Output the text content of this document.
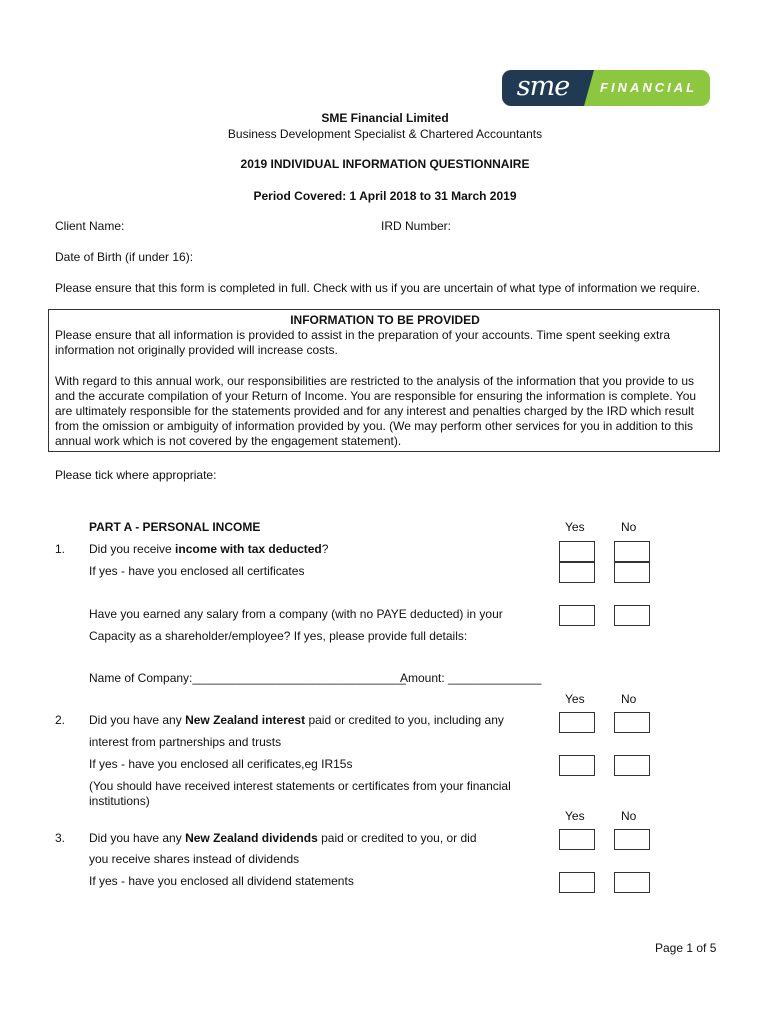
sme	FINANCIAL
SME Financial Limited
Business Development Specialist & Chartered Accountants
2019 INDIVIDUAL INFORMATION QUESTIONNAIRE
Period Covered: 1 April 2018 to 31 March 2019
Client Name:	IRD Number:
Date of Birth (if under 16):
Please ensure that this form is completed in full. Check with us if you are uncertain of what type of information we require.
INFORMATION TO BE PROVIDED
Please ensure that all information is provided to assist in the preparation of your accounts. Time spent seeking extra information not originally provided will increase costs.
With regard to this annual work, our responsibilities are restricted to the analysis of the information that you provide to us and the accurate compilation of your Return of Income. You are responsible for ensuring the information is complete. You are ultimately responsible for the statements provided and for any interest and penalties charged by the IRD which result from the omission or ambiguity of information provided by you. (We may perform other services for you in addition to this annual work which is not covered by the engagement statement).
Please tick where appropriate:
PART A - PERSONAL INCOME	Yes	No
1. Did you receive income with tax deducted?
If yes - have you enclosed all certificates
Have you earned any salary from a company (with no PAYE deducted) in your
Capacity as a shareholder/employee? If yes, please provide full details:
Name of Company:________________________________
Amount: ______________
Yes	No
2. Did you have any New Zealand interest paid or credited to you, including any
interest from partnerships and trusts
If yes - have you enclosed all cerificates,eg IR15s
(You should have received interest statements or certificates from your financial
institutions)
Yes	No
3. Did you have any New Zealand dividends paid or credited to you, or did
you receive shares instead of dividends
If yes - have you enclosed all dividend statements
Page 1 of 5
